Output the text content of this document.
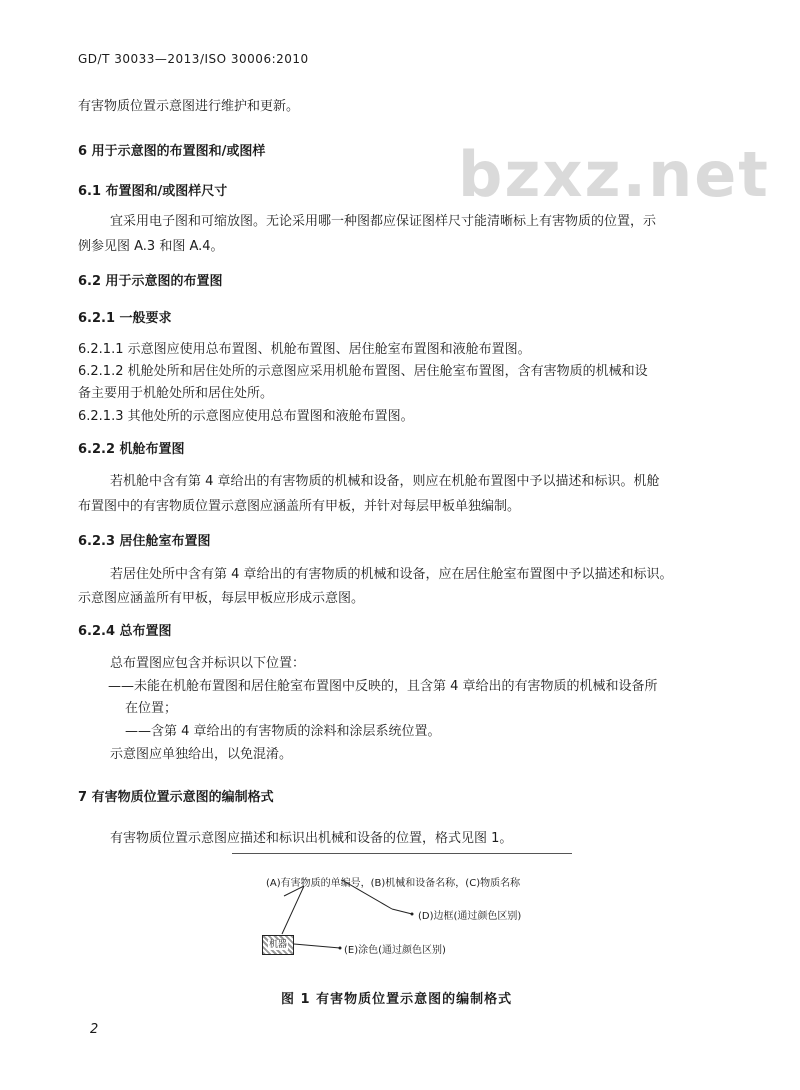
GD/T 30033—2013/ISO 30006:2010
bzxz.net
有害物质位置示意图进行维护和更新。
6 用于示意图的布置图和/或图样
6.1 布置图和/或图样尺寸
宜采用电子图和可缩放图。无论采用哪一种图都应保证图样尺寸能清晰标上有害物质的位置，示
例参见图 A.3 和图 A.4。
6.2 用于示意图的布置图
6.2.1 一般要求
6.2.1.1 示意图应使用总布置图、机舱布置图、居住舱室布置图和液舱布置图。
6.2.1.2 机舱处所和居住处所的示意图应采用机舱布置图、居住舱室布置图，含有害物质的机械和设
备主要用于机舱处所和居住处所。
6.2.1.3 其他处所的示意图应使用总布置图和液舱布置图。
6.2.2 机舱布置图
若机舱中含有第 4 章给出的有害物质的机械和设备，则应在机舱布置图中予以描述和标识。机舱
布置图中的有害物质位置示意图应涵盖所有甲板，并针对每层甲板单独编制。
6.2.3 居住舱室布置图
若居住处所中含有第 4 章给出的有害物质的机械和设备，应在居住舱室布置图中予以描述和标识。
示意图应涵盖所有甲板，每层甲板应形成示意图。
6.2.4 总布置图
总布置图应包含并标识以下位置：
——未能在机舱布置图和居住舱室布置图中反映的，且含第 4 章给出的有害物质的机械和设备所
在位置；
——含第 4 章给出的有害物质的涂料和涂层系统位置。
示意图应单独给出，以免混淆。
7 有害物质位置示意图的编制格式
有害物质位置示意图应描述和标识出机械和设备的位置，格式见图 1。
(A)有害物质的单编号，(B)机械和设备名称，(C)物质名称
(D)边框(通过颜色区别)
(E)涂色(通过颜色区别)
机器
图 1 有害物质位置示意图的编制格式
2
